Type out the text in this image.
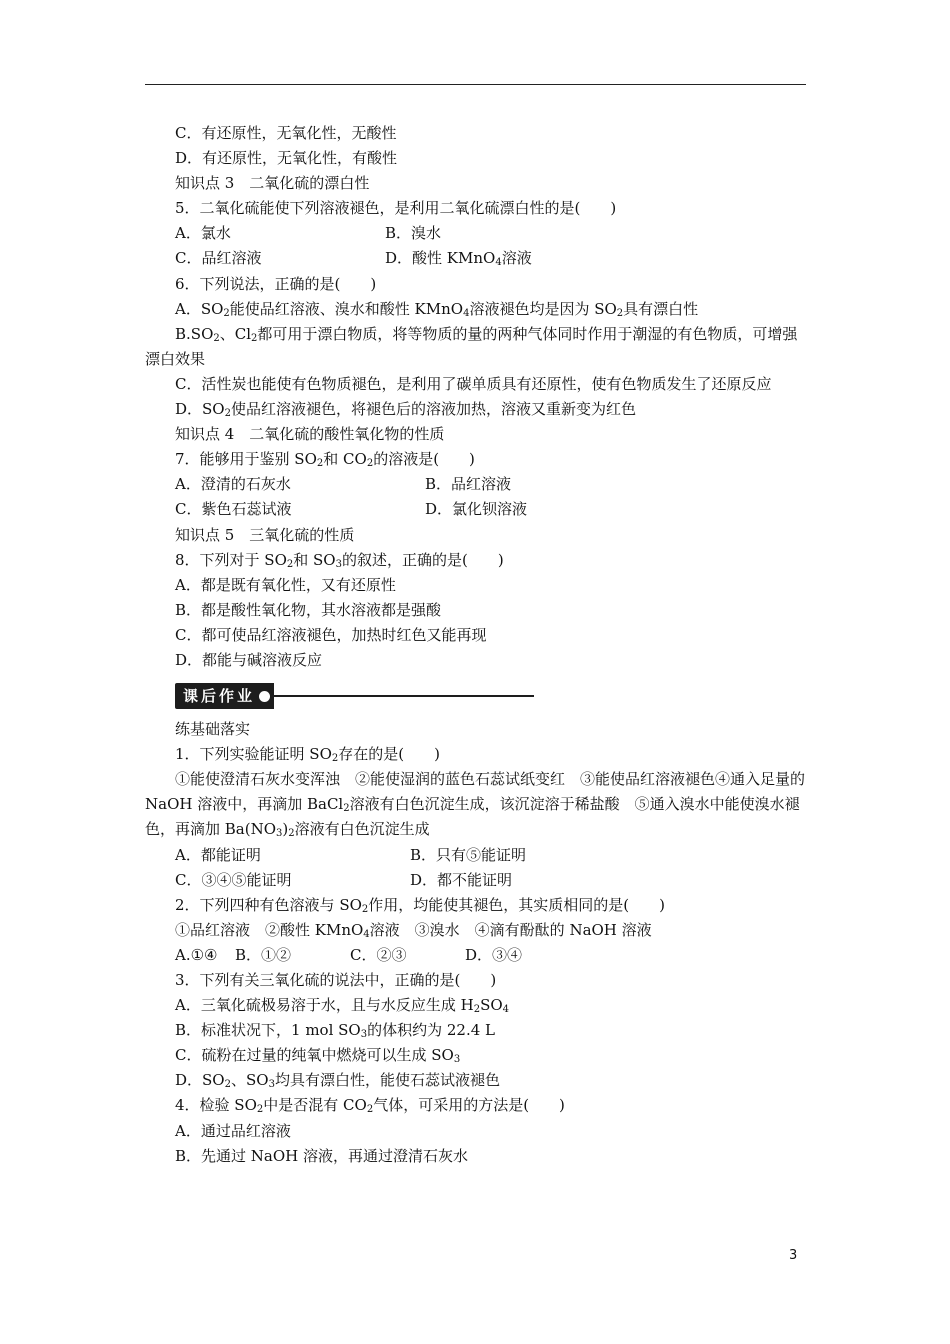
C．有还原性，无氧化性，无酸性

D．有还原性，无氧化性，有酸性

知识点 3　二氧化硫的漂白性

5．二氧化硫能使下列溶液褪色，是利用二氧化硫漂白性的是(　　)

A．氯水	B．溴水
C．品红溶液	D．酸性 KMnO$_4$溶液

6．下列说法，正确的是(　　)

A．$SO_2$能使品红溶液、溴水和酸性 KMnO$_4$溶液褪色均是因为 $SO_2$具有漂白性

$B.SO_2$、$Cl_2$都可用于漂白物质，将等物质的量的两种气体同时作用于潮湿的有色物质，可增强漂白效果

C．活性炭也能使有色物质褪色，是利用了碳单质具有还原性，使有色物质发生了还原反应

D．$SO_2$使品红溶液褪色，将褪色后的溶液加热，溶液又重新变为红色

知识点 4　二氧化硫的酸性氧化物的性质

7．能够用于鉴别 $SO_2$和 $CO_2$的溶液是(　　)

A．澄清的石灰水	B．品红溶液
C．紫色石蕊试液	D．氯化钡溶液

知识点 5　三氧化硫的性质

8．下列对于 $SO_2$和 $SO_3$的叙述，正确的是(　　)

A．都是既有氧化性，又有还原性

B．都是酸性氧化物，其水溶液都是强酸

C．都可使品红溶液褪色，加热时红色又能再现

D．都能与碱溶液反应

课后作业

练基础落实

1．下列实验能证明 $SO_2$存在的是(　　)

①能使澄清石灰水变浑浊　②能使湿润的蓝色石蕊试纸变红　③能使品红溶液褪色④通入足量的 NaOH 溶液中，再滴加 BaCl$_2$溶液有白色沉淀生成，该沉淀溶于稀盐酸　⑤通入溴水中能使溴水褪色，再滴加 $Ba(NO_3)_2$溶液有白色沉淀生成

A．都能证明	B．只有⑤能证明
C．③④⑤能证明	D．都不能证明

2．下列四种有色溶液与 $SO_2$作用，均能使其褪色，其实质相同的是(　　)

①品红溶液　②酸性 KMnO$_4$溶液　③溴水　④滴有酚酞的 NaOH 溶液

A.①④	B．①②	C．②③	D．③④

3．下列有关三氧化硫的说法中，正确的是(　　)

A．三氧化硫极易溶于水，且与水反应生成 $H_2SO_4$

B．标准状况下，1 mol $SO_3$的体积约为 22.4 L

C．硫粉在过量的纯氧中燃烧可以生成 $SO_3$

D．$SO_2$、$SO_3$均具有漂白性，能使石蕊试液褪色

4．检验 $SO_2$中是否混有 $CO_2$气体，可采用的方法是(　　)

A．通过品红溶液

B．先通过 NaOH 溶液，再通过澄清石灰水

3
